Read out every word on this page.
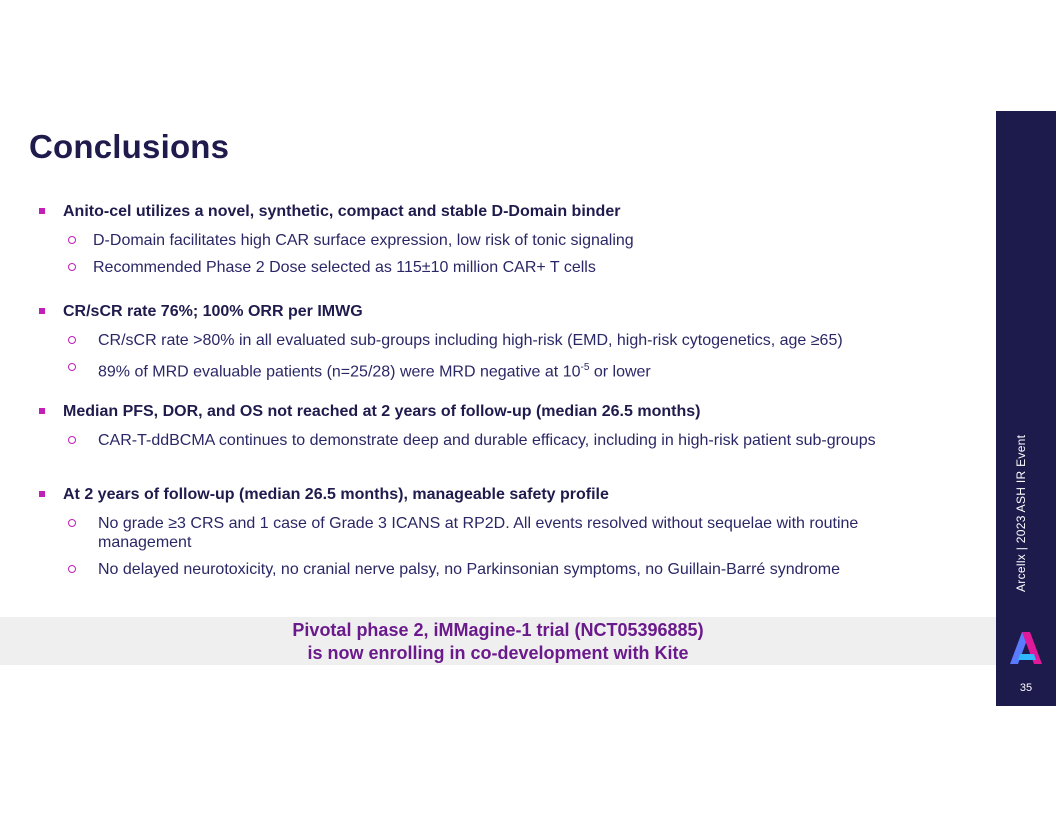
Conclusions
Anito-cel utilizes a novel, synthetic, compact and stable D-Domain binder
D-Domain facilitates high CAR surface expression, low risk of tonic signaling
Recommended Phase 2 Dose selected as 115±10 million CAR+ T cells
CR/sCR rate 76%; 100% ORR per IMWG
CR/sCR rate >80% in all evaluated sub-groups including high-risk (EMD, high-risk cytogenetics, age ≥65)
89% of MRD evaluable patients (n=25/28) were MRD negative at $10^{-5}$ or lower
Median PFS, DOR, and OS not reached at 2 years of follow-up (median 26.5 months)
CAR-T-ddBCMA continues to demonstrate deep and durable efficacy, including in high-risk patient sub-groups
At 2 years of follow-up (median 26.5 months), manageable safety profile
No grade ≥3 CRS and 1 case of Grade 3 ICANS at RP2D. All events resolved without sequelae with routine management
No delayed neurotoxicity, no cranial nerve palsy, no Parkinsonian symptoms, no Guillain-Barré syndrome
Pivotal phase 2, iMMagine-1 trial (NCT05396885)
is now enrolling in co-development with Kite
Arcellx | 2023 ASH IR Event
35
